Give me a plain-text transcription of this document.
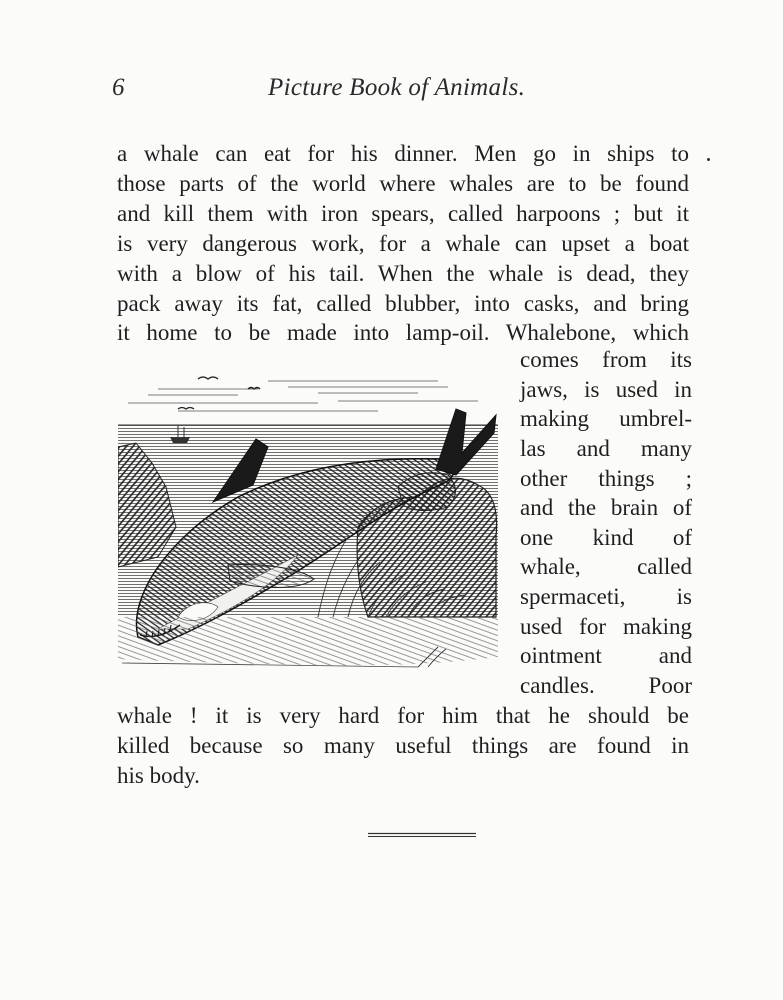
6	Picture Book of Animals.
a whale can eat for his dinner. Men go in ships to
those parts of the world where whales are to be found
and kill them with iron spears, called harpoons ; but it
is very dangerous work, for a whale can upset a boat
with a blow of his tail. When the whale is dead, they
pack away its fat, called blubber, into casks, and bring
it home to be made into lamp-oil. Whalebone, which
comes from its
jaws, is used in
making umbrel-
las and many
other things ;
and the brain of
one kind of
whale, called
spermaceti, is
used for making
ointment and
candles. Poor
whale ! it is very hard for him that he should be
killed because so many useful things are found in
his body.
